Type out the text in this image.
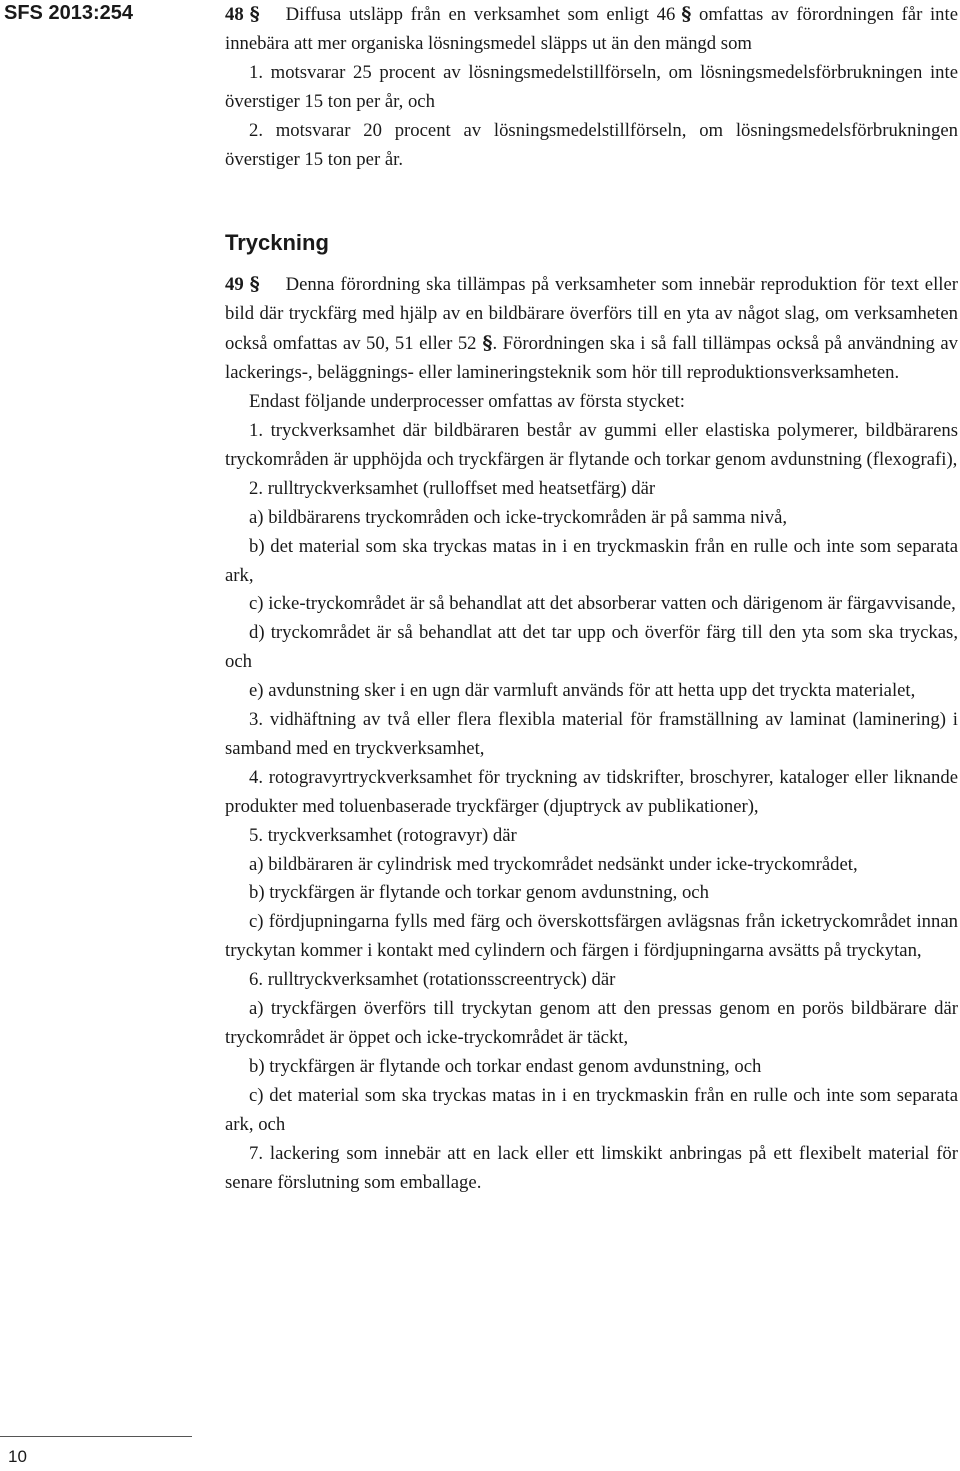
SFS 2013:254	48 § Diffusa utsläpp från en verksamhet som enligt 46 § omfattas av förordningen får inte innebära att mer organiska lösningsmedel släpps ut än den mängd som

1. motsvarar 25 procent av lösningsmedelstillförseln, om lösningsmedelsförbrukningen inte överstiger 15 ton per år, och

2. motsvarar 20 procent av lösningsmedelstillförseln, om lösningsmedelsförbrukningen överstiger 15 ton per år.

Tryckning

49 § Denna förordning ska tillämpas på verksamheter som innebär reproduktion för text eller bild där tryckfärg med hjälp av en bildbärare överförs till en yta av något slag, om verksamheten också omfattas av 50, 51 eller 52 §. Förordningen ska i så fall tillämpas också på användning av lackerings-, beläggnings- eller lamineringsteknik som hör till reproduktionsverksamheten.

Endast följande underprocesser omfattas av första stycket:

1. tryckverksamhet där bildbäraren består av gummi eller elastiska polymerer, bildbärarens tryckområden är upphöjda och tryckfärgen är flytande och torkar genom avdunstning (flexografi),

2. rulltryckverksamhet (rulloffset med heatsetfärg) där

a) bildbärarens tryckområden och icke-tryckområden är på samma nivå,

b) det material som ska tryckas matas in i en tryckmaskin från en rulle och inte som separata ark,

c) icke-tryckområdet är så behandlat att det absorberar vatten och därigenom är färgavvisande,

d) tryckområdet är så behandlat att det tar upp och överför färg till den yta som ska tryckas, och

e) avdunstning sker i en ugn där varmluft används för att hetta upp det tryckta materialet,

3. vidhäftning av två eller flera flexibla material för framställning av laminat (laminering) i samband med en tryckverksamhet,

4. rotogravyrtryckverksamhet för tryckning av tidskrifter, broschyrer, kataloger eller liknande produkter med toluenbaserade tryckfärger (djuptryck av publikationer),

5. tryckverksamhet (rotogravyr) där

a) bildbäraren är cylindrisk med tryckområdet nedsänkt under icke-tryckområdet,

b) tryckfärgen är flytande och torkar genom avdunstning, och

c) fördjupningarna fylls med färg och överskottsfärgen avlägsnas från icketryckområdet innan tryckytan kommer i kontakt med cylindern och färgen i fördjupningarna avsätts på tryckytan,

6. rulltryckverksamhet (rotationsscreentryck) där

a) tryckfärgen överförs till tryckytan genom att den pressas genom en porös bildbärare där tryckområdet är öppet och icke-tryckområdet är täckt,

b) tryckfärgen är flytande och torkar endast genom avdunstning, och

c) det material som ska tryckas matas in i en tryckmaskin från en rulle och inte som separata ark, och

7. lackering som innebär att en lack eller ett limskikt anbringas på ett flexibelt material för senare förslutning som emballage.

10
